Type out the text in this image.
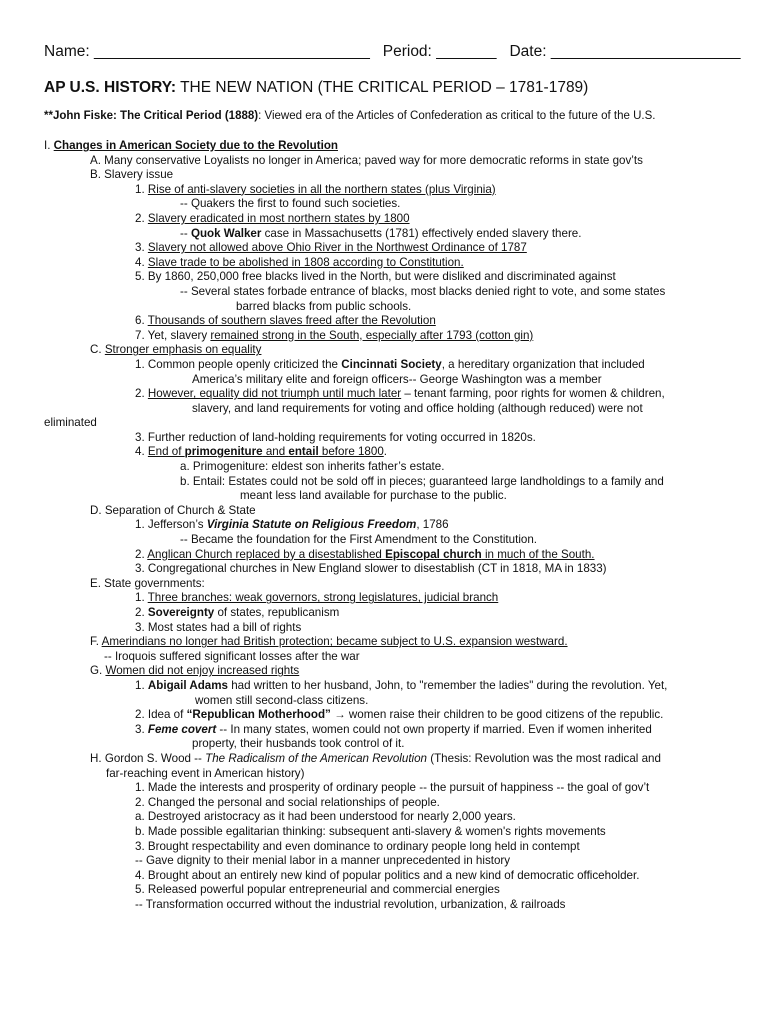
Name: ________________________________ Period: _______ Date: ______________________
AP U.S. HISTORY: THE NEW NATION (THE CRITICAL PERIOD – 1781-1789)
**John Fiske: The Critical Period (1888): Viewed era of the Articles of Confederation as critical to the future of the U.S.
I. Changes in American Society due to the Revolution
A. Many conservative Loyalists no longer in America; paved way for more democratic reforms in state gov’ts
B. Slavery issue
1. Rise of anti-slavery societies in all the northern states (plus Virginia)
-- Quakers the first to found such societies.
2. Slavery eradicated in most northern states by 1800
-- Quok Walker case in Massachusetts (1781) effectively ended slavery there.
3. Slavery not allowed above Ohio River in the Northwest Ordinance of 1787
4. Slave trade to be abolished in 1808 according to Constitution.
5. By 1860, 250,000 free blacks lived in the North, but were disliked and discriminated against
-- Several states forbade entrance of blacks, most blacks denied right to vote, and some states
barred blacks from public schools.
6. Thousands of southern slaves freed after the Revolution
7. Yet, slavery remained strong in the South, especially after 1793 (cotton gin)
C. Stronger emphasis on equality
1. Common people openly criticized the Cincinnati Society, a hereditary organization that included
America’s military elite and foreign officers-- George Washington was a member
2. However, equality did not triumph until much later – tenant farming, poor rights for women & children,
slavery, and land requirements for voting and office holding (although reduced) were not
eliminated
3. Further reduction of land-holding requirements for voting occurred in 1820s.
4. End of primogeniture and entail before 1800.
a. Primogeniture: eldest son inherits father’s estate.
b. Entail: Estates could not be sold off in pieces; guaranteed large landholdings to a family and
meant less land available for purchase to the public.
D. Separation of Church & State
1. Jefferson’s Virginia Statute on Religious Freedom, 1786
-- Became the foundation for the First Amendment to the Constitution.
2. Anglican Church replaced by a disestablished Episcopal church in much of the South.
3. Congregational churches in New England slower to disestablish (CT in 1818, MA in 1833)
E. State governments:
1. Three branches: weak governors, strong legislatures, judicial branch
2. Sovereignty of states, republicanism
3. Most states had a bill of rights
F. Amerindians no longer had British protection; became subject to U.S. expansion westward.
-- Iroquois suffered significant losses after the war
G. Women did not enjoy increased rights
1. Abigail Adams had written to her husband, John, to "remember the ladies" during the revolution. Yet,
women still second-class citizens.
2. Idea of “Republican Motherhood” → women raise their children to be good citizens of the republic.
3. Feme covert -- In many states, women could not own property if married. Even if women inherited
property, their husbands took control of it.
H. Gordon S. Wood -- The Radicalism of the American Revolution (Thesis: Revolution was the most radical and
far-reaching event in American history)
1. Made the interests and prosperity of ordinary people -- the pursuit of happiness -- the goal of gov’t
2. Changed the personal and social relationships of people.
a. Destroyed aristocracy as it had been understood for nearly 2,000 years.
b. Made possible egalitarian thinking: subsequent anti-slavery & women's rights movements
3. Brought respectability and even dominance to ordinary people long held in contempt
-- Gave dignity to their menial labor in a manner unprecedented in history
4. Brought about an entirely new kind of popular politics and a new kind of democratic officeholder.
5. Released powerful popular entrepreneurial and commercial energies
-- Transformation occurred without the industrial revolution, urbanization, & railroads
